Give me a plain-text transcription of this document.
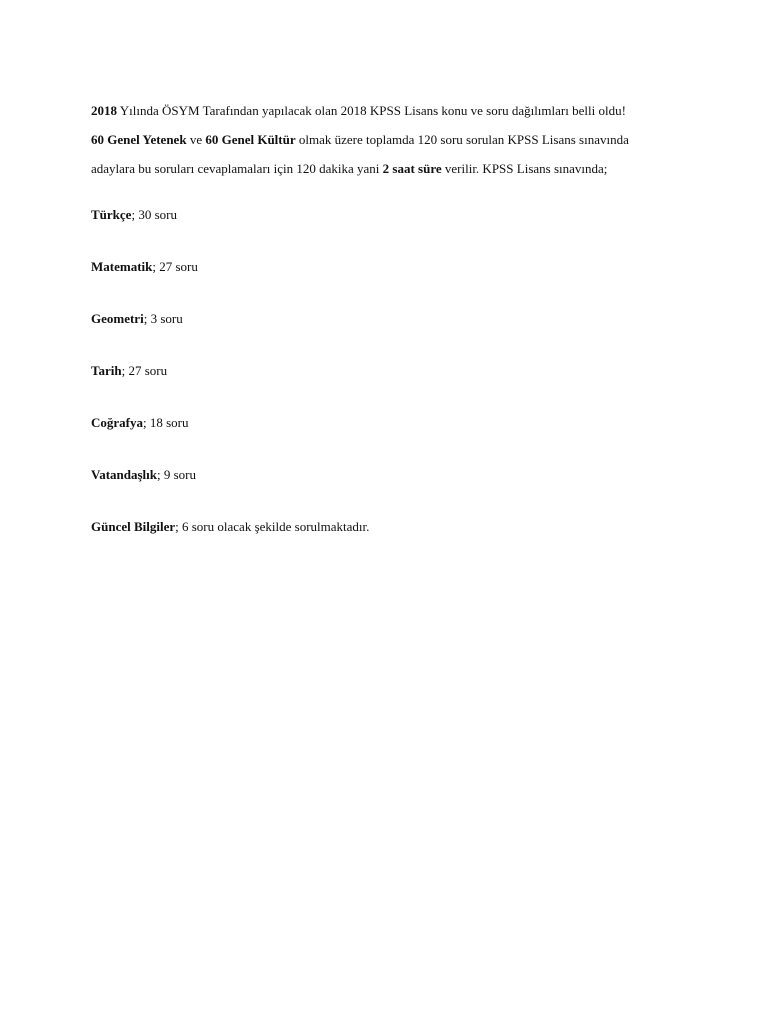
2018 Yılında ÖSYM Tarafından yapılacak olan 2018 KPSS Lisans konu ve soru dağılımları belli oldu!

60 Genel Yetenek ve 60 Genel Kültür olmak üzere toplamda 120 soru sorulan KPSS Lisans sınavında

adaylara bu soruları cevaplamaları için 120 dakika yani 2 saat süre verilir. KPSS Lisans sınavında;

Türkçe; 30 soru

Matematik; 27 soru

Geometri; 3 soru

Tarih; 27 soru

Coğrafya; 18 soru

Vatandaşlık; 9 soru

Güncel Bilgiler; 6 soru olacak şekilde sorulmaktadır.
